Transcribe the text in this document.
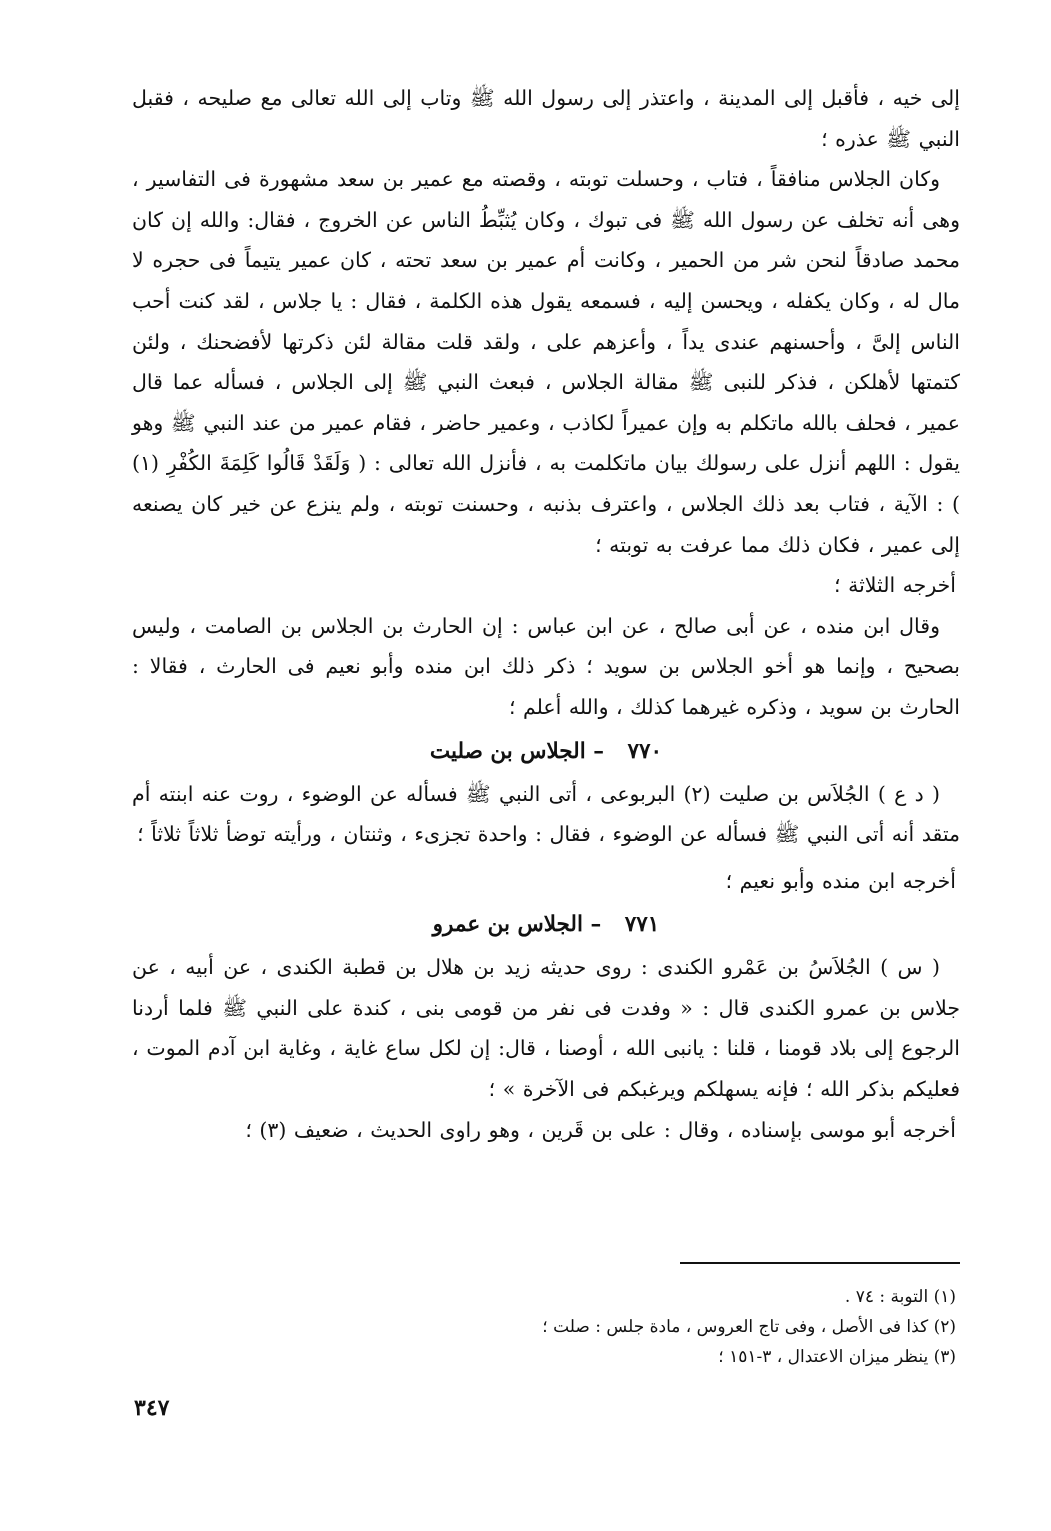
إلى خيه ، فأقبل إلى المدينة ، واعتذر إلى رسول الله ﷺ وتاب إلى الله تعالى مع صليحه ، فقبل النبي ﷺ عذره ؛

وكان الجلاس منافقاً ، فتاب ، وحسلت توبته ، وقصته مع عمير بن سعد مشهورة فى التفاسير ، وهى أنه تخلف عن رسول الله ﷺ فى تبوك ، وكان يُثبِّطُ الناس عن الخروج ، فقال: والله إن كان محمد صادقاً لنحن شر من الحمير ، وكانت أم عمير بن سعد تحته ، كان عمير يتيماً فى حجره لا مال له ، وكان يكفله ، ويحسن إليه ، فسمعه يقول هذه الكلمة ، فقال : يا جلاس ، لقد كنت أحب الناس إلىَّ ، وأحسنهم عندى يداً ، وأعزهم على ، ولقد قلت مقالة لئن ذكرتها لأفضحنك ، ولئن كتمتها لأهلكن ، فذكر للنبى ﷺ مقالة الجلاس ، فبعث النبي ﷺ إلى الجلاس ، فسأله عما قال عمير ، فحلف بالله ماتكلم به وإن عميراً لكاذب ، وعمير حاضر ، فقام عمير من عند النبي ﷺ وهو يقول : اللهم أنزل على رسولك بيان ماتكلمت به ، فأنزل الله تعالى : ( وَلَقَدْ قَالُوا كَلِمَةَ الكُفْرِ (١) ) : الآية ، فتاب بعد ذلك الجلاس ، واعترف بذنبه ، وحسنت توبته ، ولم ينزع عن خير كان يصنعه إلى عمير ، فكان ذلك مما عرفت به توبته ؛

أخرجه الثلاثة ؛

وقال ابن منده ، عن أبى صالح ، عن ابن عباس : إن الحارث بن الجلاس بن الصامت ، وليس بصحيح ، وإنما هو أخو الجلاس بن سويد ؛ ذكر ذلك ابن منده وأبو نعيم فى الحارث ، فقالا : الحارث بن سويد ، وذكره غيرهما كذلك ، والله أعلم ؛

٧٧٠ – الجلاس بن صليت

( د ع ) الجُلاَس بن صليت (٢) البربوعى ، أتى النبي ﷺ فسأله عن الوضوء ، روت عنه ابنته أم متقد أنه أتى النبي ﷺ فسأله عن الوضوء ، فقال : واحدة تجزىء ، وثنتان ، ورأيته توضأ ثلاثاً ثلاثاً ؛

أخرجه ابن منده وأبو نعيم ؛

٧٧١ – الجلاس بن عمرو

( س ) الجُلاَسُ بن عَمْرو الكندى : روى حديثه زيد بن هلال بن قطبة الكندى ، عن أبيه ، عن جلاس بن عمرو الكندى قال : « وفدت فى نفر من قومى بنى ، كندة على النبي ﷺ فلما أردنا الرجوع إلى بلاد قومنا ، قلنا : يانبى الله ، أوصنا ، قال: إن لكل ساع غاية ، وغاية ابن آدم الموت ، فعليكم بذكر الله ؛ فإنه يسهلكم ويرغبكم فى الآخرة » ؛

أخرجه أبو موسى بإسناده ، وقال : على بن قَرين ، وهو راوى الحديث ، ضعيف (٣) ؛

(١) التوبة : ٧٤ .

(٢) كذا فى الأصل ، وفى تاج العروس ، مادة جلس : صلت ؛

(٣) ينظر ميزان الاعتدال ، ٣-١٥١ ؛

٣٤٧
